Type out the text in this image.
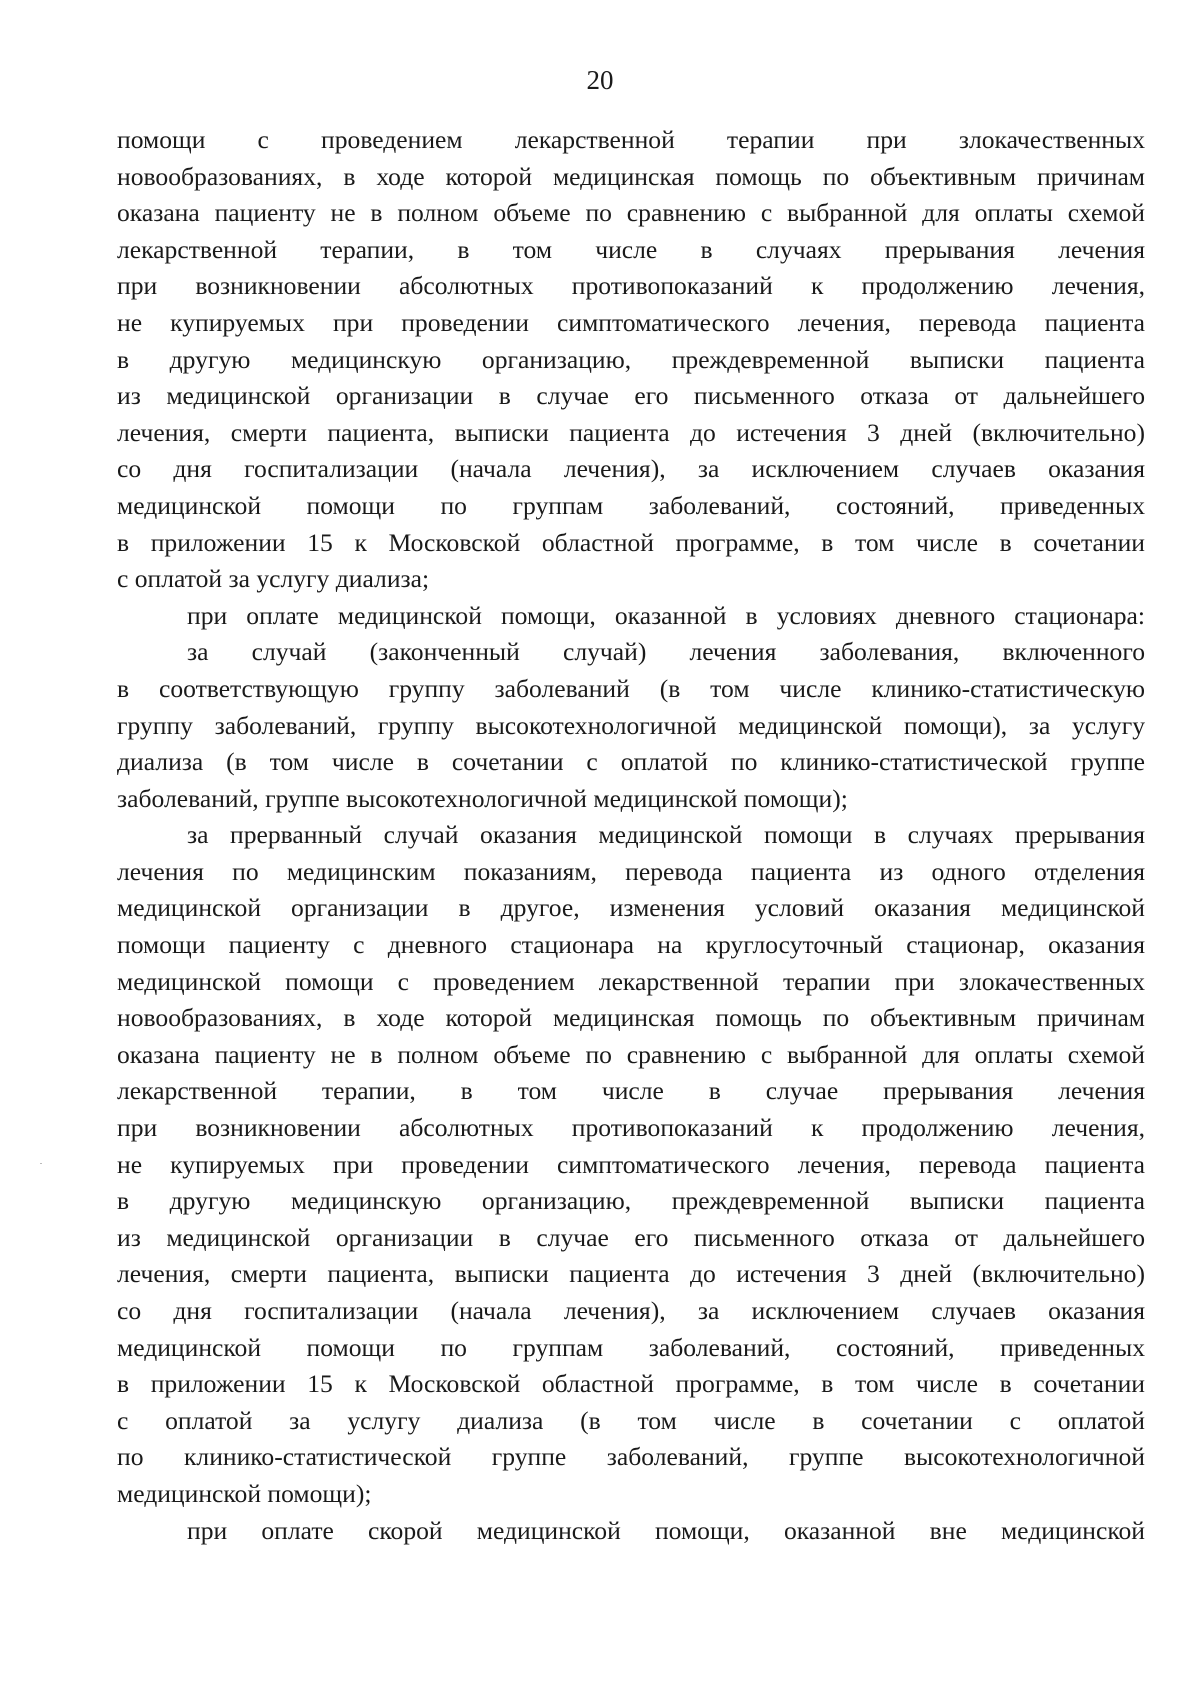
20
помощи с проведением лекарственной терапии при злокачественных
новообразованиях, в ходе которой медицинская помощь по объективным причинам
оказана пациенту не в полном объеме по сравнению с выбранной для оплаты схемой
лекарственной терапии, в том числе в случаях прерывания лечения
при возникновении абсолютных противопоказаний к продолжению лечения,
не купируемых при проведении симптоматического лечения, перевода пациента
в другую медицинскую организацию, преждевременной выписки пациента
из медицинской организации в случае его письменного отказа от дальнейшего
лечения, смерти пациента, выписки пациента до истечения 3 дней (включительно)
со дня госпитализации (начала лечения), за исключением случаев оказания
медицинской помощи по группам заболеваний, состояний, приведенных
в приложении 15 к Московской областной программе, в том числе в сочетании
с оплатой за услугу диализа;
при оплате медицинской помощи, оказанной в условиях дневного стационара:
за случай (законченный случай) лечения заболевания, включенного
в соответствующую группу заболеваний (в том числе клинико-статистическую
группу заболеваний, группу высокотехнологичной медицинской помощи), за услугу
диализа (в том числе в сочетании с оплатой по клинико-статистической группе
заболеваний, группе высокотехнологичной медицинской помощи);
за прерванный случай оказания медицинской помощи в случаях прерывания
лечения по медицинским показаниям, перевода пациента из одного отделения
медицинской организации в другое, изменения условий оказания медицинской
помощи пациенту с дневного стационара на круглосуточный стационар, оказания
медицинской помощи с проведением лекарственной терапии при злокачественных
новообразованиях, в ходе которой медицинская помощь по объективным причинам
оказана пациенту не в полном объеме по сравнению с выбранной для оплаты схемой
лекарственной терапии, в том числе в случае прерывания лечения
при возникновении абсолютных противопоказаний к продолжению лечения,
не купируемых при проведении симптоматического лечения, перевода пациента
в другую медицинскую организацию, преждевременной выписки пациента
из медицинской организации в случае его письменного отказа от дальнейшего
лечения, смерти пациента, выписки пациента до истечения 3 дней (включительно)
со дня госпитализации (начала лечения), за исключением случаев оказания
медицинской помощи по группам заболеваний, состояний, приведенных
в приложении 15 к Московской областной программе, в том числе в сочетании
с оплатой за услугу диализа (в том числе в сочетании с оплатой
по клинико-статистической группе заболеваний, группе высокотехнологичной
медицинской помощи);
при оплате скорой медицинской помощи, оказанной вне медицинской
